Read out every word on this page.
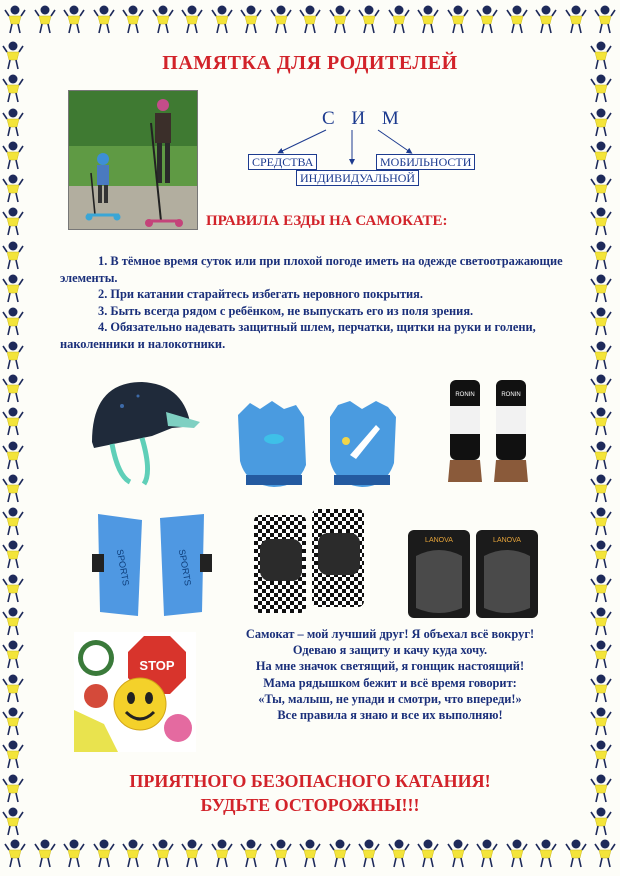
ПАМЯТКА ДЛЯ РОДИТЕЛЕЙ
С И М
СРЕДСТВА
ИНДИВИДУАЛЬНОЙ
МОБИЛЬНОСТИ
ПРАВИЛА ЕЗДЫ НА САМОКАТЕ:

1. В тёмное время суток или при плохой погоде иметь на одежде светоотражающие элементы.

2. При катании старайтесь избегать неровного покрытия.

3. Быть всегда рядом с ребёнком, не выпускать его из поля зрения.

4. Обязательно надевать защитный шлем, перчатки, щитки на руки и голени, наколенники и налокотники.

RONIN	RONIN
SPORTS	SPORTS
LANOVA	LANOVA
STOP
Самокат – мой лучший друг! Я объехал всё вокруг!
Одеваю я защиту и качу куда хочу.
На мне значок светящий, я гонщик настоящий!
Мама рядышком бежит и всё время говорит:
«Ты, малыш, не упади и смотри, что впереди!»
Все правила я знаю и все их выполняю!
ПРИЯТНОГО БЕЗОПАСНОГО КАТАНИЯ!
БУДЬТЕ ОСТОРОЖНЫ!!!
